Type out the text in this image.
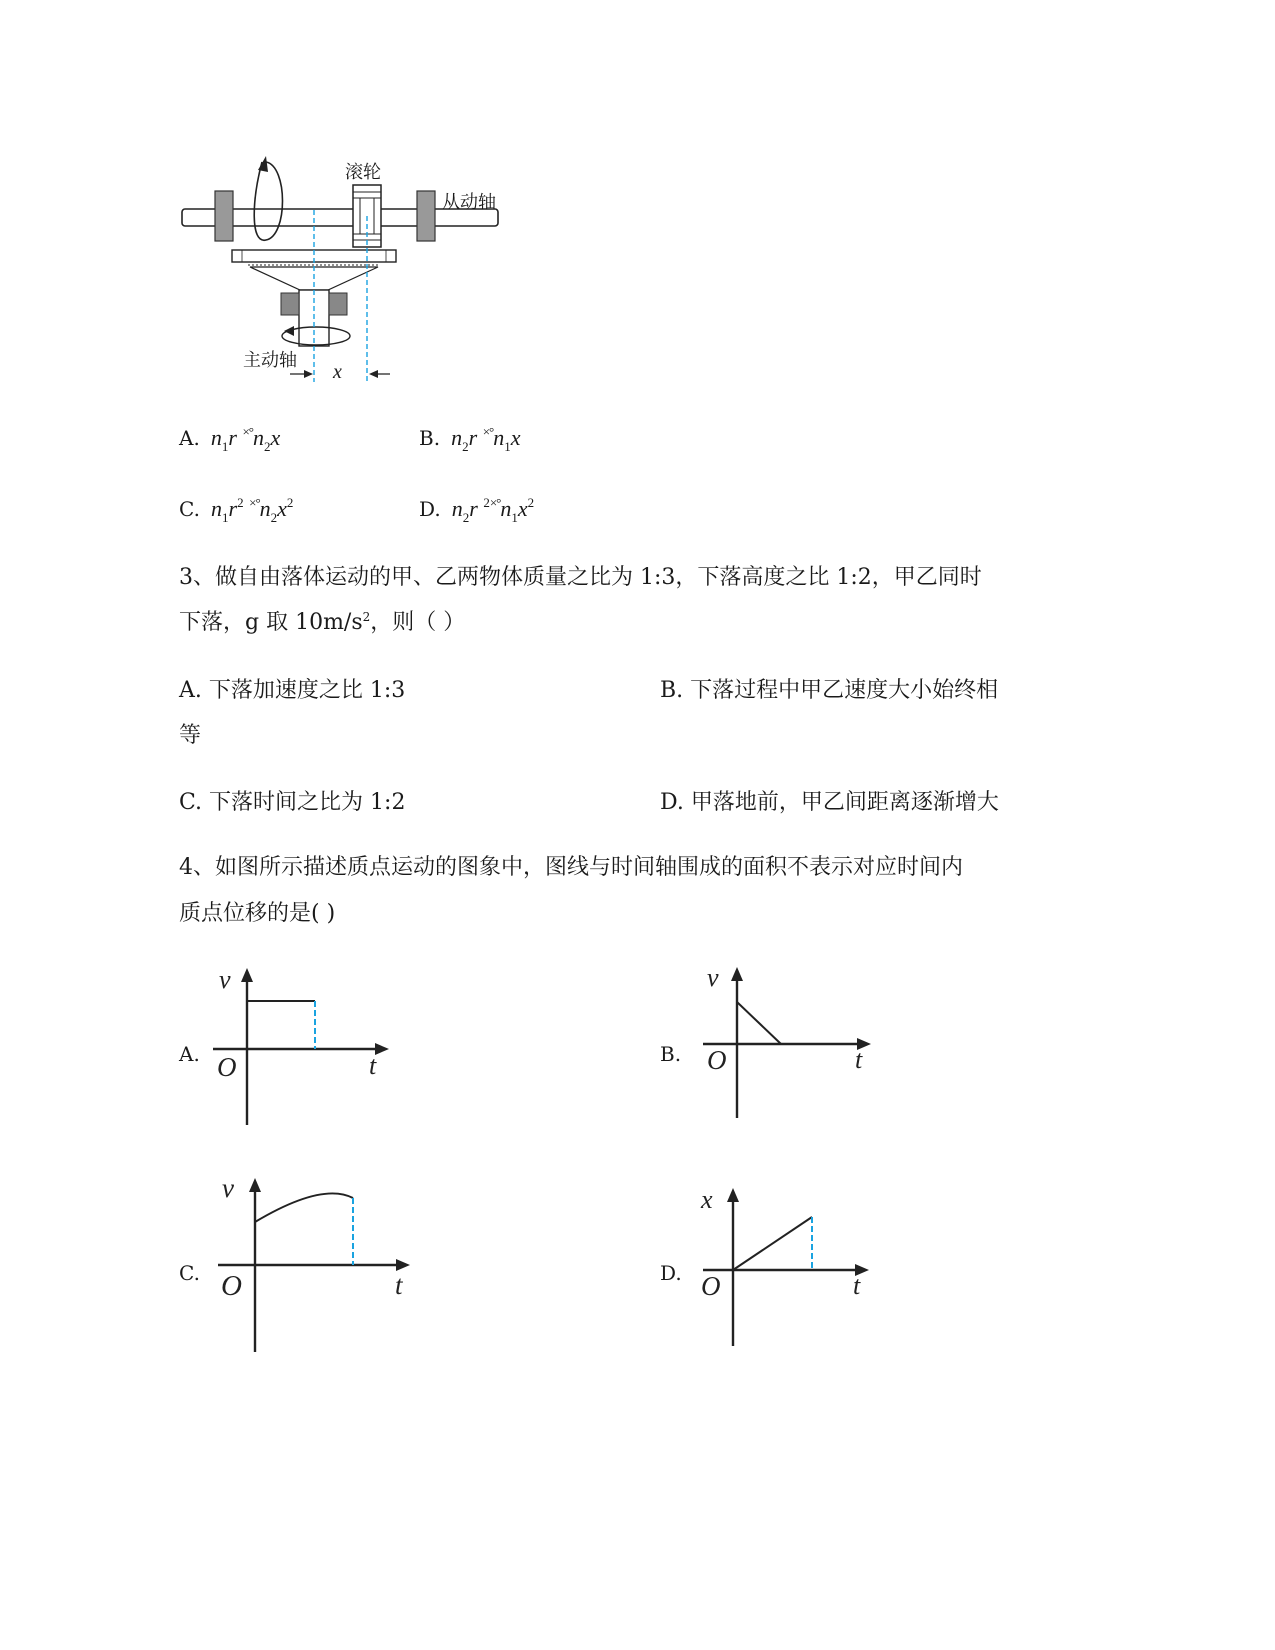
滚轮
从动轴
主动轴
x
A. $n_1r$ $^{\times^\circ}n_2x$	B. $n_2r$ $^{\times^\circ}n_1x$
C. $n_1r^2$ $^{\times^\circ}n_2x^2$	D. $n_2r$ $^{2\times^\circ}n_1x^2$
3、做自由落体运动的甲、乙两物体质量之比为 1:3，下落高度之比 1:2，甲乙同时
下落，g 取 $10m/s^2$，则（ ）
A. 下落加速度之比 1:3	B. 下落过程中甲乙速度大小始终相
等
C. 下落时间之比为 1:2	D. 甲落地前，甲乙间距离逐渐增大
4、如图所示描述质点运动的图象中，图线与时间轴围成的面积不表示对应时间内
质点位移的是( )
A.
v
t
O	B.
v
t
O
C.
v
t
O	D.
x
t
O
